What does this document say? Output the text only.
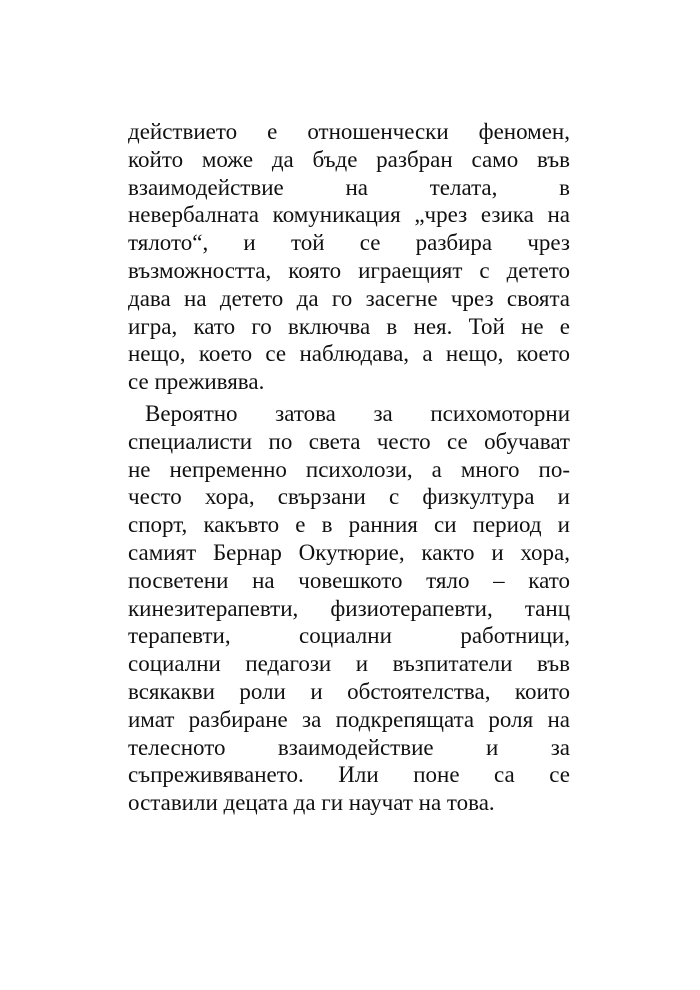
действието е отношенчески феномен,
който може да бъде разбран само във
взаимодействие на телата, в
невербалната комуникация „чрез езика на
тялото“, и той се разбира чрез
възможността, която играещият с детето
дава на детето да го засегне чрез своята
игра, като го включва в нея. Той не е
нещо, което се наблюдава, а нещо, което
се преживява.
Вероятно затова за психомоторни
специалисти по света често се обучават
не непременно психолози, а много по-
често хора, свързани с физкултура и
спорт, какъвто е в ранния си период и
самият Бернар Окутюрие, както и хора,
посветени на човешкото тяло – като
кинезитерапевти, физиотерапевти, танц
терапевти, социални работници,
социални педагози и възпитатели във
всякакви роли и обстоятелства, които
имат разбиране за подкрепящата роля на
телесното взаимодействие и за
съпреживяването. Или поне са се
оставили децата да ги научат на това.
